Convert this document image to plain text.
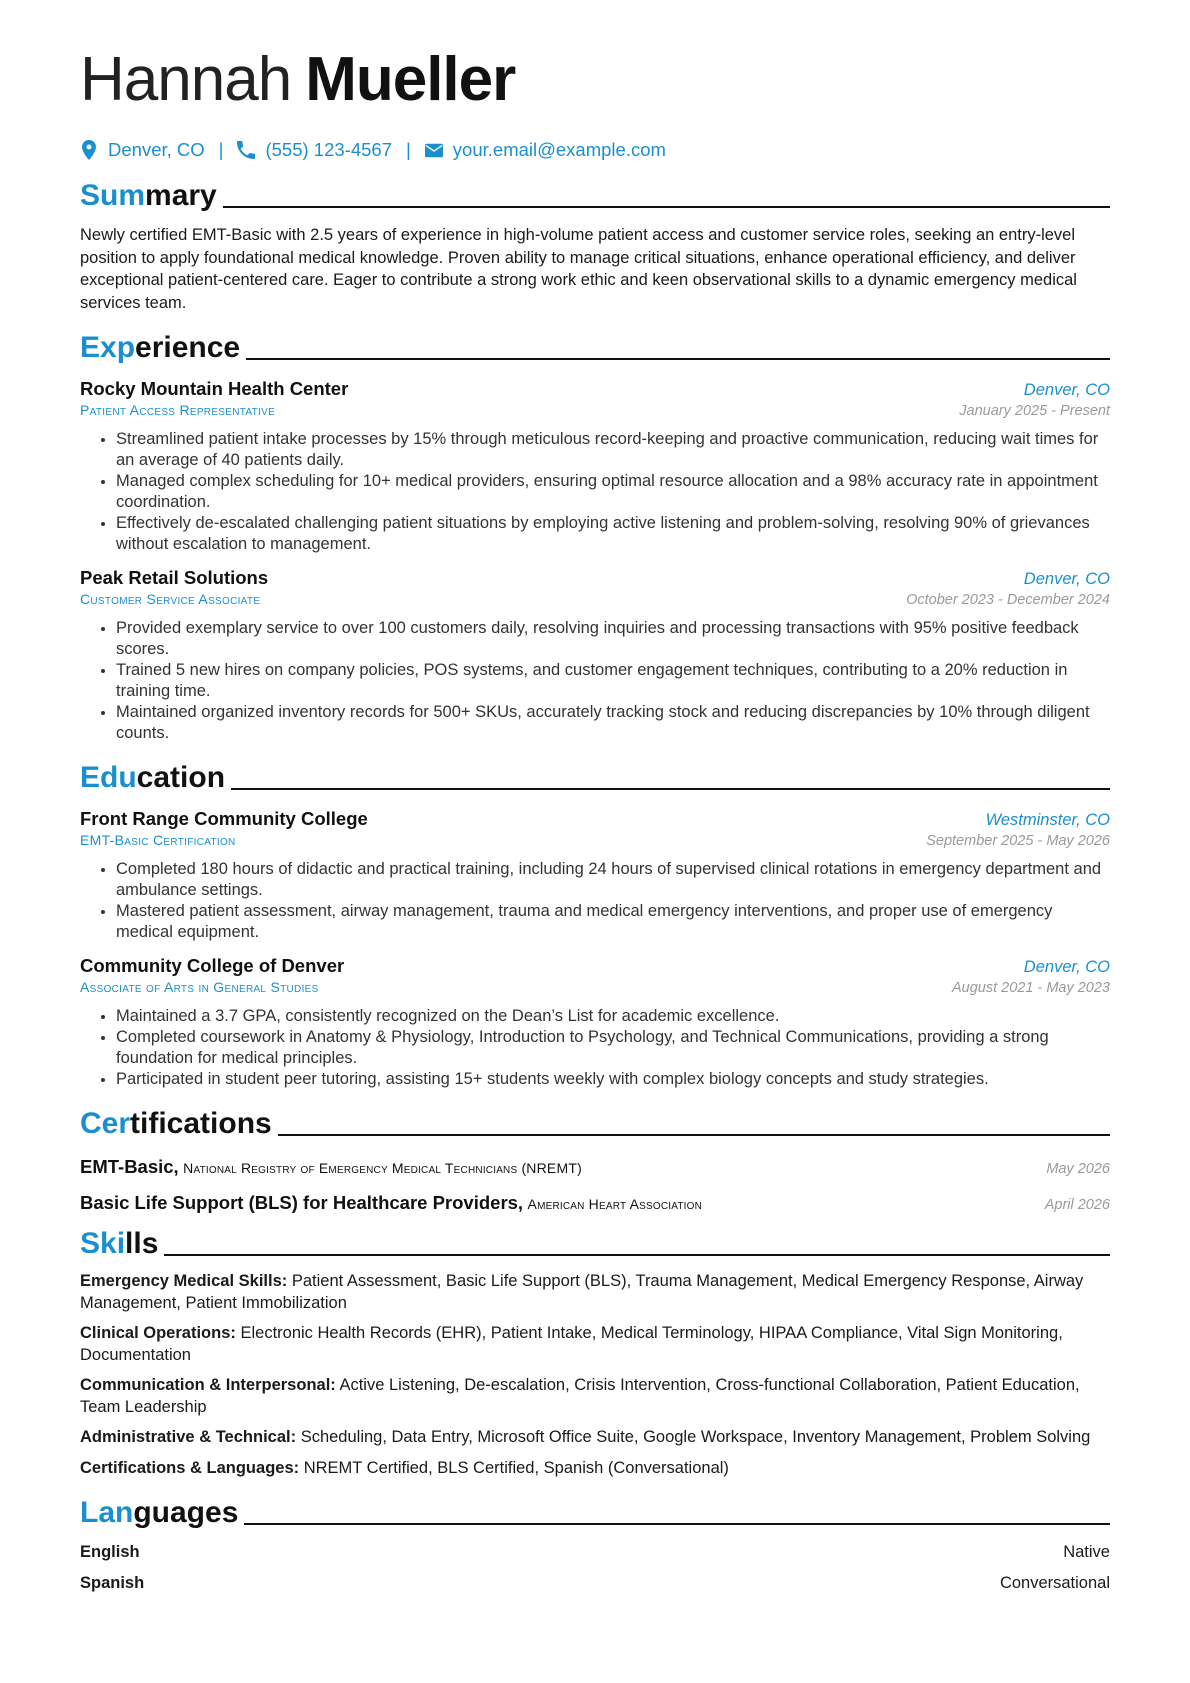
Hannah Mueller
Denver, CO | (555) 123-4567 | your.email@example.com
Summary
Newly certified EMT-Basic with 2.5 years of experience in high-volume patient access and customer service roles, seeking an entry-level position to apply foundational medical knowledge. Proven ability to manage critical situations, enhance operational efficiency, and deliver exceptional patient-centered care. Eager to contribute a strong work ethic and keen observational skills to a dynamic emergency medical services team.
Experience
Rocky Mountain Health Center	Denver, CO
Patient Access Representative	January 2025 - Present
• Streamlined patient intake processes by 15% through meticulous record-keeping and proactive communication, reducing wait times for an average of 40 patients daily.
• Managed complex scheduling for 10+ medical providers, ensuring optimal resource allocation and a 98% accuracy rate in appointment coordination.
• Effectively de-escalated challenging patient situations by employing active listening and problem-solving, resolving 90% of grievances without escalation to management.
Peak Retail Solutions	Denver, CO
Customer Service Associate	October 2023 - December 2024
• Provided exemplary service to over 100 customers daily, resolving inquiries and processing transactions with 95% positive feedback scores.
• Trained 5 new hires on company policies, POS systems, and customer engagement techniques, contributing to a 20% reduction in training time.
• Maintained organized inventory records for 500+ SKUs, accurately tracking stock and reducing discrepancies by 10% through diligent counts.
Education
Front Range Community College	Westminster, CO
EMT-Basic Certification	September 2025 - May 2026
• Completed 180 hours of didactic and practical training, including 24 hours of supervised clinical rotations in emergency department and ambulance settings.
• Mastered patient assessment, airway management, trauma and medical emergency interventions, and proper use of emergency medical equipment.
Community College of Denver	Denver, CO
Associate of Arts in General Studies	August 2021 - May 2023
• Maintained a 3.7 GPA, consistently recognized on the Dean’s List for academic excellence.
• Completed coursework in Anatomy & Physiology, Introduction to Psychology, and Technical Communications, providing a strong foundation for medical principles.
• Participated in student peer tutoring, assisting 15+ students weekly with complex biology concepts and study strategies.
Certifications
EMT-Basic, National Registry of Emergency Medical Technicians (NREMT)	May 2026
Basic Life Support (BLS) for Healthcare Providers, American Heart Association	April 2026
Skills
Emergency Medical Skills: Patient Assessment, Basic Life Support (BLS), Trauma Management, Medical Emergency Response, Airway Management, Patient Immobilization
Clinical Operations: Electronic Health Records (EHR), Patient Intake, Medical Terminology, HIPAA Compliance, Vital Sign Monitoring, Documentation
Communication & Interpersonal: Active Listening, De-escalation, Crisis Intervention, Cross-functional Collaboration, Patient Education, Team Leadership
Administrative & Technical: Scheduling, Data Entry, Microsoft Office Suite, Google Workspace, Inventory Management, Problem Solving
Certifications & Languages: NREMT Certified, BLS Certified, Spanish (Conversational)
Languages
English	Native
Spanish	Conversational
